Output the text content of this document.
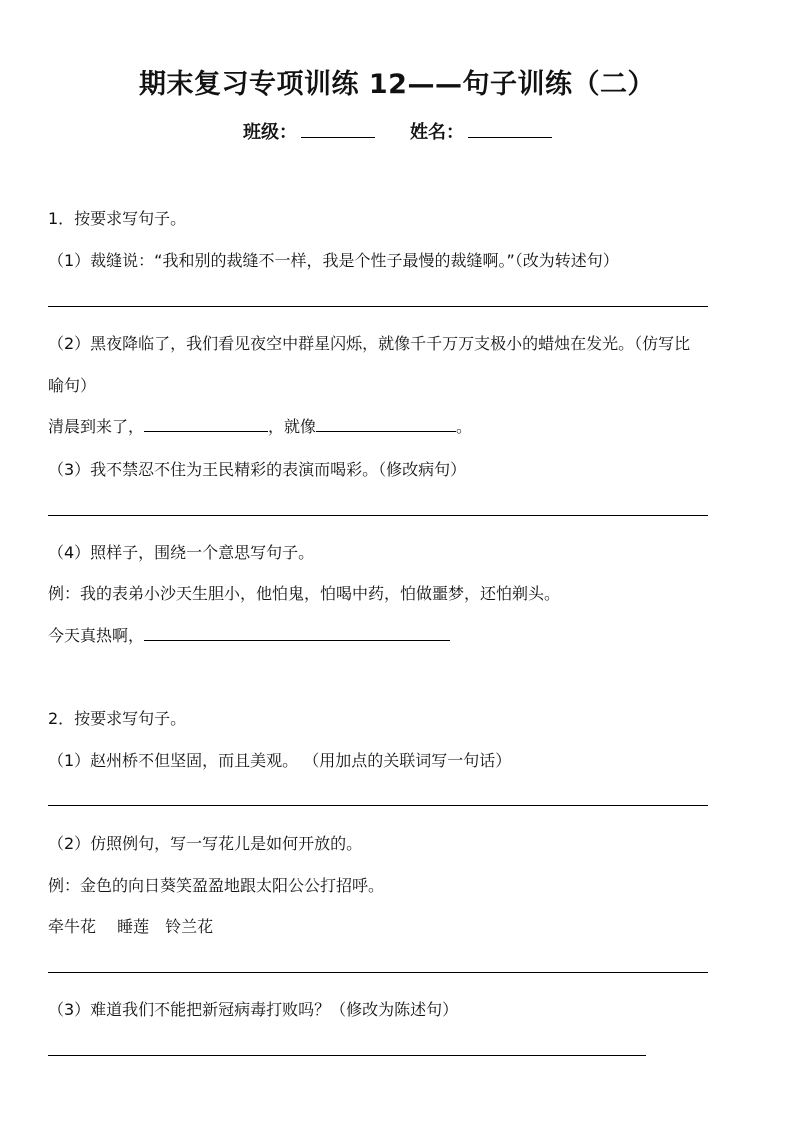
期末复习专项训练 12——句子训练（二）
班级：	姓名：
1．按要求写句子。
（1）裁缝说：“我和别的裁缝不一样，我是个性子最慢的裁缝啊。”（改为转述句）
（2）黑夜降临了，我们看见夜空中群星闪烁，就像千千万万支极小的蜡烛在发光。（仿写比
喻句）
清晨到来了，	，就像	。
（3）我不禁忍不住为王民精彩的表演而喝彩。（修改病句）
（4）照样子，围绕一个意思写句子。
例：我的表弟小沙天生胆小，他怕鬼，怕喝中药，怕做噩梦，还怕剃头。
今天真热啊，
2．按要求写句子。
（1）赵州桥不但坚固，而且美观。 （用加点的关联词写一句话）
（2）仿照例句，写一写花儿是如何开放的。
例：金色的向日葵笑盈盈地跟太阳公公打招呼。
牵牛花　 睡莲　铃兰花
（3）难道我们不能把新冠病毒打败吗？（修改为陈述句）
